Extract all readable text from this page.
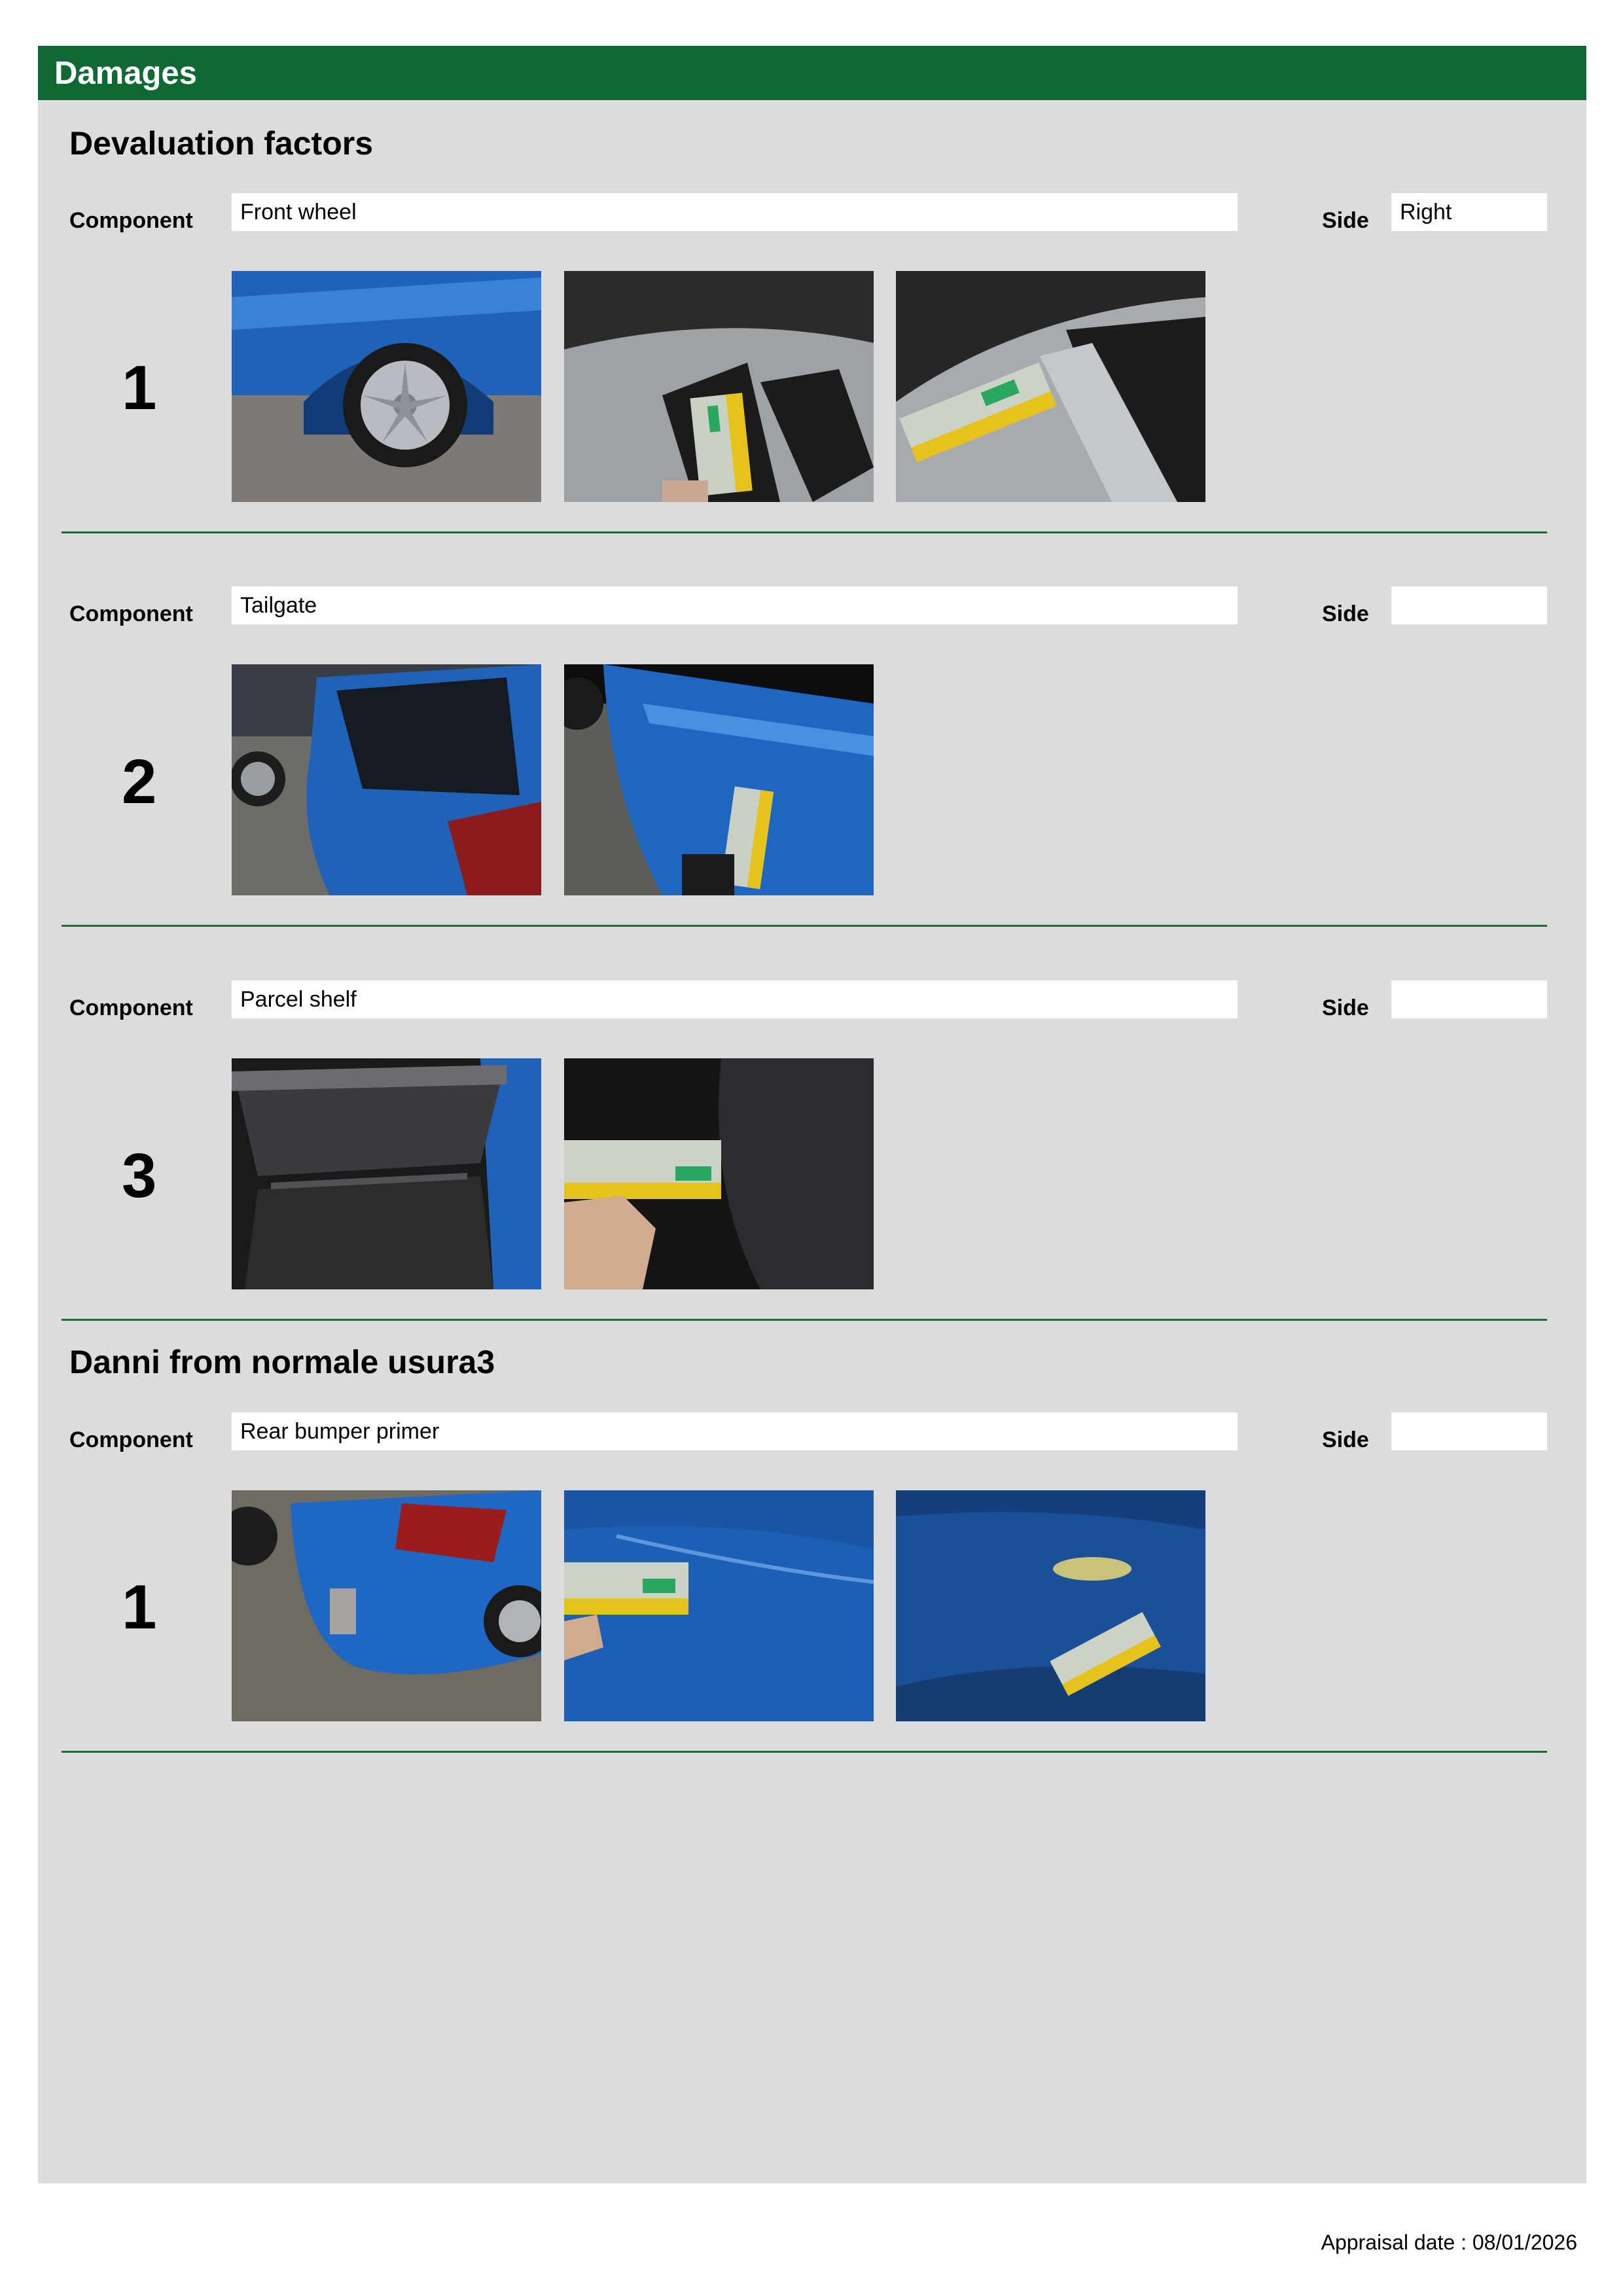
Damages
Devaluation factors
Component	Front wheel	Side	Right
1
Component	Tailgate	Side
2
Component	Parcel shelf	Side
3
Danni from normale usura3
Component	Rear bumper primer	Side
1
Appraisal date : 08/01/2026
